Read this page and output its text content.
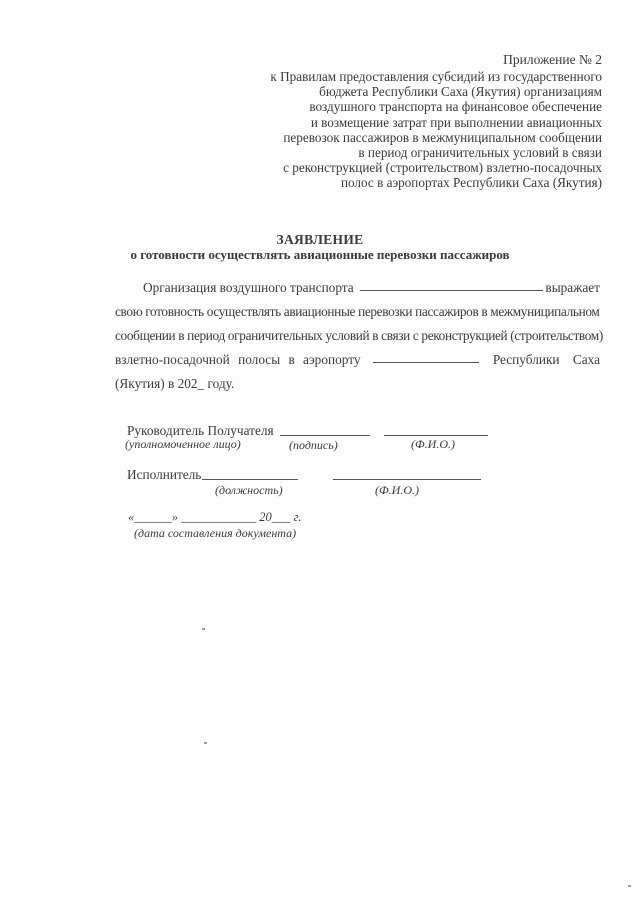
Приложение № 2
к Правилам предоставления субсидий из государственного
бюджета Республики Саха (Якутия) организациям
воздушного транспорта на финансовое обеспечение
и возмещение затрат при выполнении авиационных
перевозок пассажиров в межмуниципальном сообщении
в период ограничительных условий в связи
с реконструкцией (строительством) взлетно-посадочных
полос в аэропортах Республики Саха (Якутия)
ЗАЯВЛЕНИЕ
о готовности осуществлять авиационные перевозки пассажиров
Организация воздушного транспорта	выражает
свою готовность осуществлять авиационные перевозки пассажиров в межмуниципальном
сообщении в период ограничительных условий в связи с реконструкцией (строительством)
взлетно-посадочной полосы в аэропорту	Республики Саха
(Якутия) в 202_ году.
Руководитель Получателя
(уполномоченное лицо)	(подпись)	(Ф.И.О.)
Исполнитель
(должность)	(Ф.И.О.)
«______» ____________ 20___ г.
(дата составления документа)
